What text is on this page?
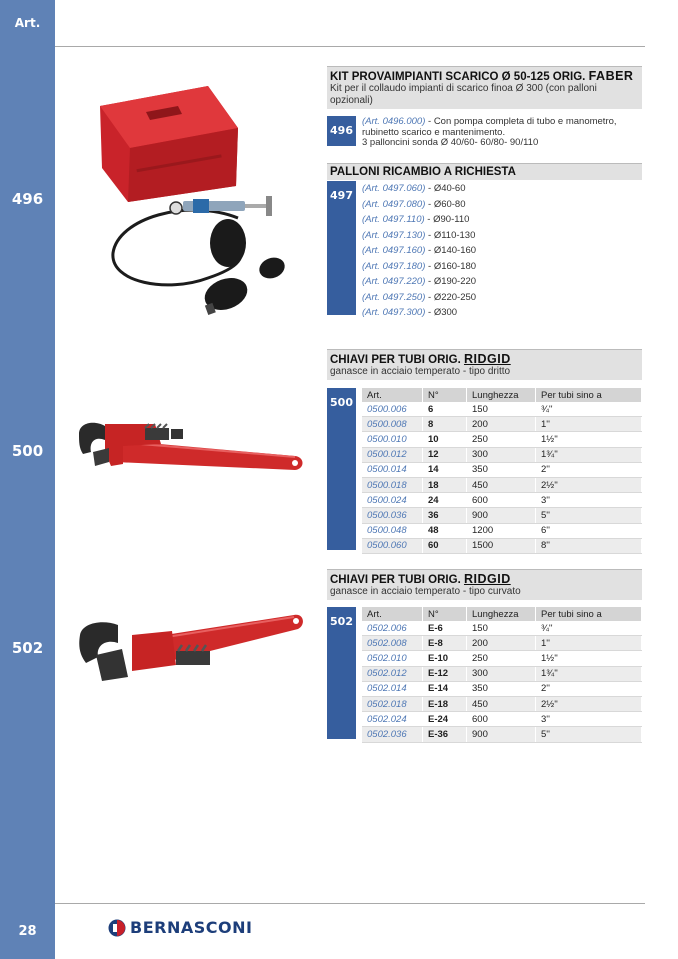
Art.
496
500
502
28	BERNASCONI
KIT PROVAIMPIANTI SCARICO Ø 50-125 ORIG. FABER
Kit per il collaudo impianti di scarico finoa Ø 300 (con palloni opzionali)
496
(Art. 0496.000) - Con pompa completa di tubo e manometro,
rubinetto scarico e mantenimento.
3 palloncini sonda Ø 40/60- 60/80- 90/110
PALLONI RICAMBIO A RICHIESTA
497
(Art. 0497.060) - Ø40-60
(Art. 0497.080) - Ø60-80
(Art. 0497.110) - Ø90-110
(Art. 0497.130) - Ø110-130
(Art. 0497.160) - Ø140-160
(Art. 0497.180) - Ø160-180
(Art. 0497.220) - Ø190-220
(Art. 0497.250) - Ø220-250
(Art. 0497.300) - Ø300
CHIAVI PER TUBI ORIG. RIDGID
ganasce in acciaio temperato - tipo dritto
500
Art.	N°	Lunghezza	Per tubi sino a
0500.006	6	150	¾''
0500.008	8	200	1''
0500.010	10	250	1½''
0500.012	12	300	1¾''
0500.014	14	350	2''
0500.018	18	450	2½''
0500.024	24	600	3''
0500.036	36	900	5''
0500.048	48	1200	6''
0500.060	60	1500	8''
CHIAVI PER TUBI ORIG. RIDGID
ganasce in acciaio temperato - tipo curvato
502
Art.	N°	Lunghezza	Per tubi sino a
0502.006	E-6	150	¾''
0502.008	E-8	200	1''
0502.010	E-10	250	1½''
0502.012	E-12	300	1¾''
0502.014	E-14	350	2''
0502.018	E-18	450	2½''
0502.024	E-24	600	3''
0502.036	E-36	900	5''
